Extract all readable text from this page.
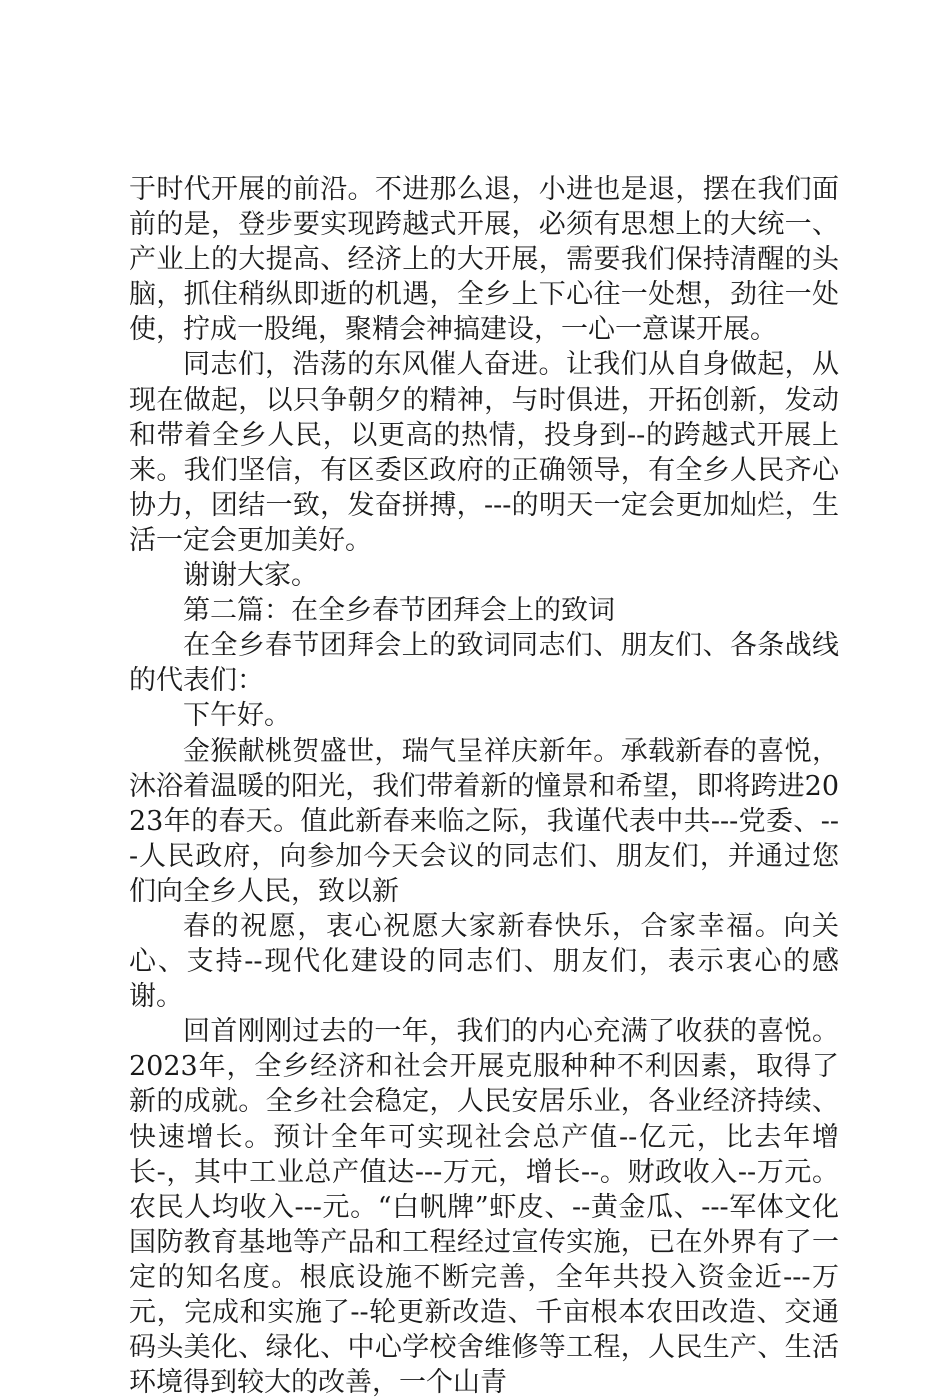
于时代开展的前沿。不进那么退，小进也是退，摆在我们面前的是，登步要实现跨越式开展，必须有思想上的大统一、产业上的大提高、经济上的大开展，需要我们保持清醒的头脑，抓住稍纵即逝的机遇，全乡上下心往一处想，劲往一处使，拧成一股绳，聚精会神搞建设，一心一意谋开展。

同志们，浩荡的东风催人奋进。让我们从自身做起，从现在做起，以只争朝夕的精神，与时俱进，开拓创新，发动和带着全乡人民，以更高的热情，投身到--的跨越式开展上来。我们坚信，有区委区政府的正确领导，有全乡人民齐心协力，团结一致，发奋拼搏，---的明天一定会更加灿烂，生活一定会更加美好。

谢谢大家。

第二篇：在全乡春节团拜会上的致词

在全乡春节团拜会上的致词同志们、朋友们、各条战线的代表们：

下午好。

金猴献桃贺盛世，瑞气呈祥庆新年。承载新春的喜悦，沐浴着温暖的阳光，我们带着新的憧景和希望，即将跨进2023年的春天。值此新春来临之际，我谨代表中共---党委、---人民政府，向参加今天会议的同志们、朋友们，并通过您们向全乡人民，致以新

春的祝愿，衷心祝愿大家新春快乐，合家幸福。向关心、支持--现代化建设的同志们、朋友们，表示衷心的感谢。

回首刚刚过去的一年，我们的内心充满了收获的喜悦。2023年，全乡经济和社会开展克服种种不利因素，取得了新的成就。全乡社会稳定，人民安居乐业，各业经济持续、快速增长。预计全年可实现社会总产值--亿元，比去年增长-，其中工业总产值达---万元，增长--。财政收入--万元。农民人均收入---元。“白帆牌”虾皮、--黄金瓜、---军体文化国防教育基地等产品和工程经过宣传实施，已在外界有了一定的知名度。根底设施不断完善，全年共投入资金近---万元，完成和实施了--轮更新改造、千亩根本农田改造、交通码头美化、绿化、中心学校舍维修等工程，人民生产、生活环境得到较大的改善，一个山青
